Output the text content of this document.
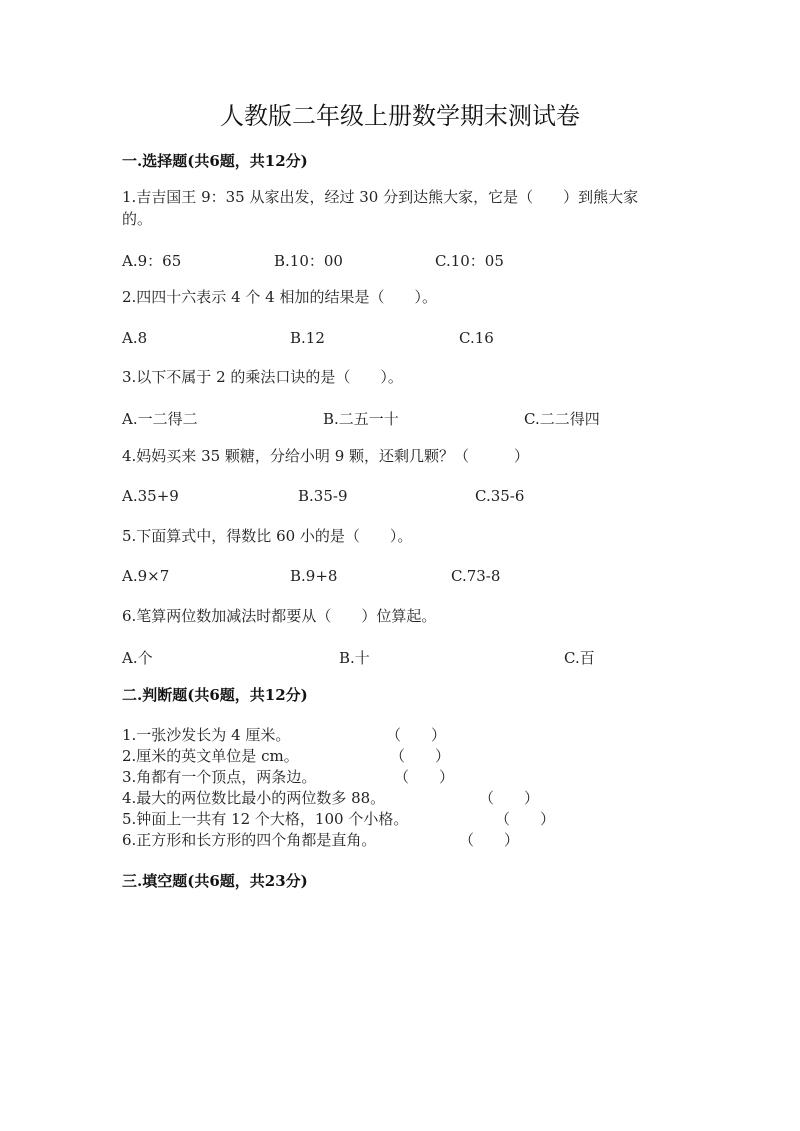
人教版二年级上册数学期末测试卷
一.选择题(共6题，共12分)
1.吉吉国王 9：35 从家出发，经过 30 分到达熊大家，它是（　　）到熊大家
的。
A.9：65	B.10：00	C.10：05
2.四四十六表示 4 个 4 相加的结果是（　　）。
A.8	B.12	C.16
3.以下不属于 2 的乘法口诀的是（　　）。
A.一二得二	B.二五一十	C.二二得四
4.妈妈买来 35 颗糖，分给小明 9 颗，还剩几颗？（　　　）
A.35+9	B.35-9	C.35-6
5.下面算式中，得数比 60 小的是（　　）。
A.9×7	B.9+8	C.73-8
6.笔算两位数加减法时都要从（　　）位算起。
A.个	B.十	C.百
二.判断题(共6题，共12分)
1.一张沙发长为 4 厘米。	（　　）
2.厘米的英文单位是 cm。	（　　）
3.角都有一个顶点，两条边。	（　　）
4.最大的两位数比最小的两位数多 88。	（　　）
5.钟面上一共有 12 个大格，100 个小格。	（　　）
6.正方形和长方形的四个角都是直角。	（　　）
三.填空题(共6题，共23分)
